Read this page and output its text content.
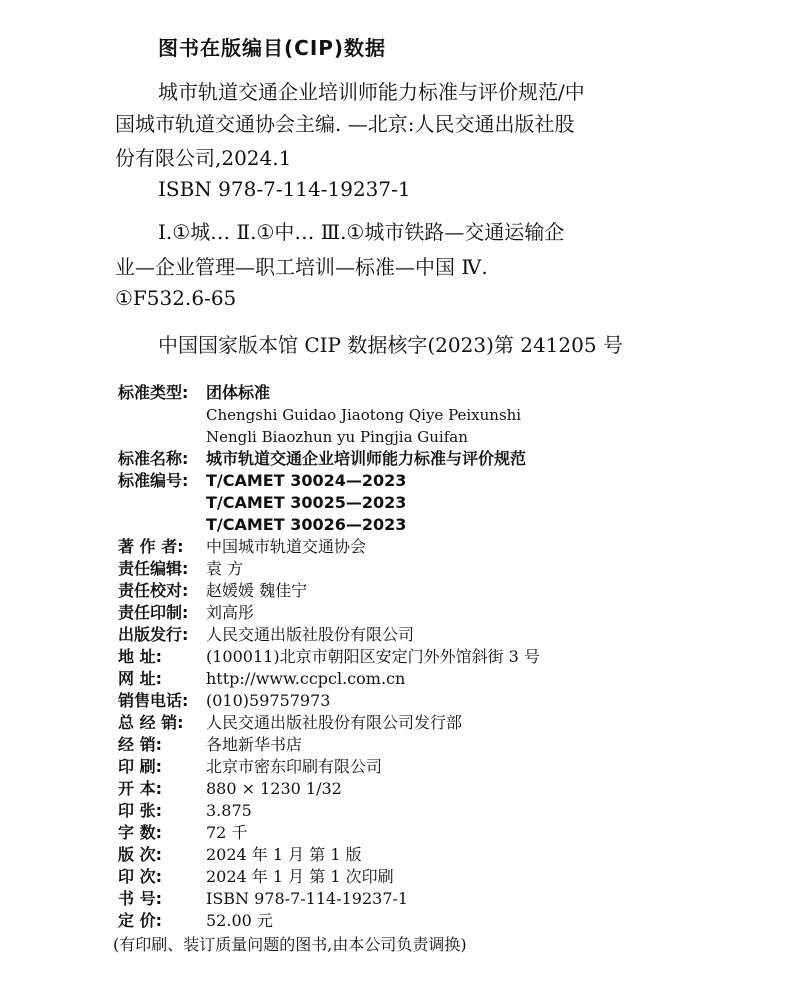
图书在版编目(CIP)数据
城市轨道交通企业培训师能力标准与评价规范/中
国城市轨道交通协会主编. —北京:人民交通出版社股
份有限公司,2024.1
ISBN 978-7-114-19237-1
Ⅰ.①城… Ⅱ.①中… Ⅲ.①城市铁路—交通运输企
业—企业管理—职工培训—标准—中国 Ⅳ.
①F532.6-65
中国国家版本馆 CIP 数据核字(2023)第 241205 号
标准类型:	团体标准
Chengshi Guidao Jiaotong Qiye Peixunshi
Nengli Biaozhun yu Pingjia Guifan
标准名称:	城市轨道交通企业培训师能力标准与评价规范
标准编号:	T/CAMET 30024—2023
T/CAMET 30025—2023
T/CAMET 30026—2023
著 作 者:	中国城市轨道交通协会
责任编辑:	袁 方
责任校对:	赵媛媛 魏佳宁
责任印制:	刘高彤
出版发行:	人民交通出版社股份有限公司
地 址:	(100011)北京市朝阳区安定门外外馆斜街 3 号
网 址:	http://www.ccpcl.com.cn
销售电话:	(010)59757973
总 经 销:	人民交通出版社股份有限公司发行部
经 销:	各地新华书店
印 刷:	北京市密东印刷有限公司
开 本:	880 × 1230 1/32
印 张:	3.875
字 数:	72 千
版 次:	2024 年 1 月 第 1 版
印 次:	2024 年 1 月 第 1 次印刷
书 号:	ISBN 978-7-114-19237-1
定 价:	52.00 元
(有印刷、装订质量问题的图书,由本公司负责调换)
